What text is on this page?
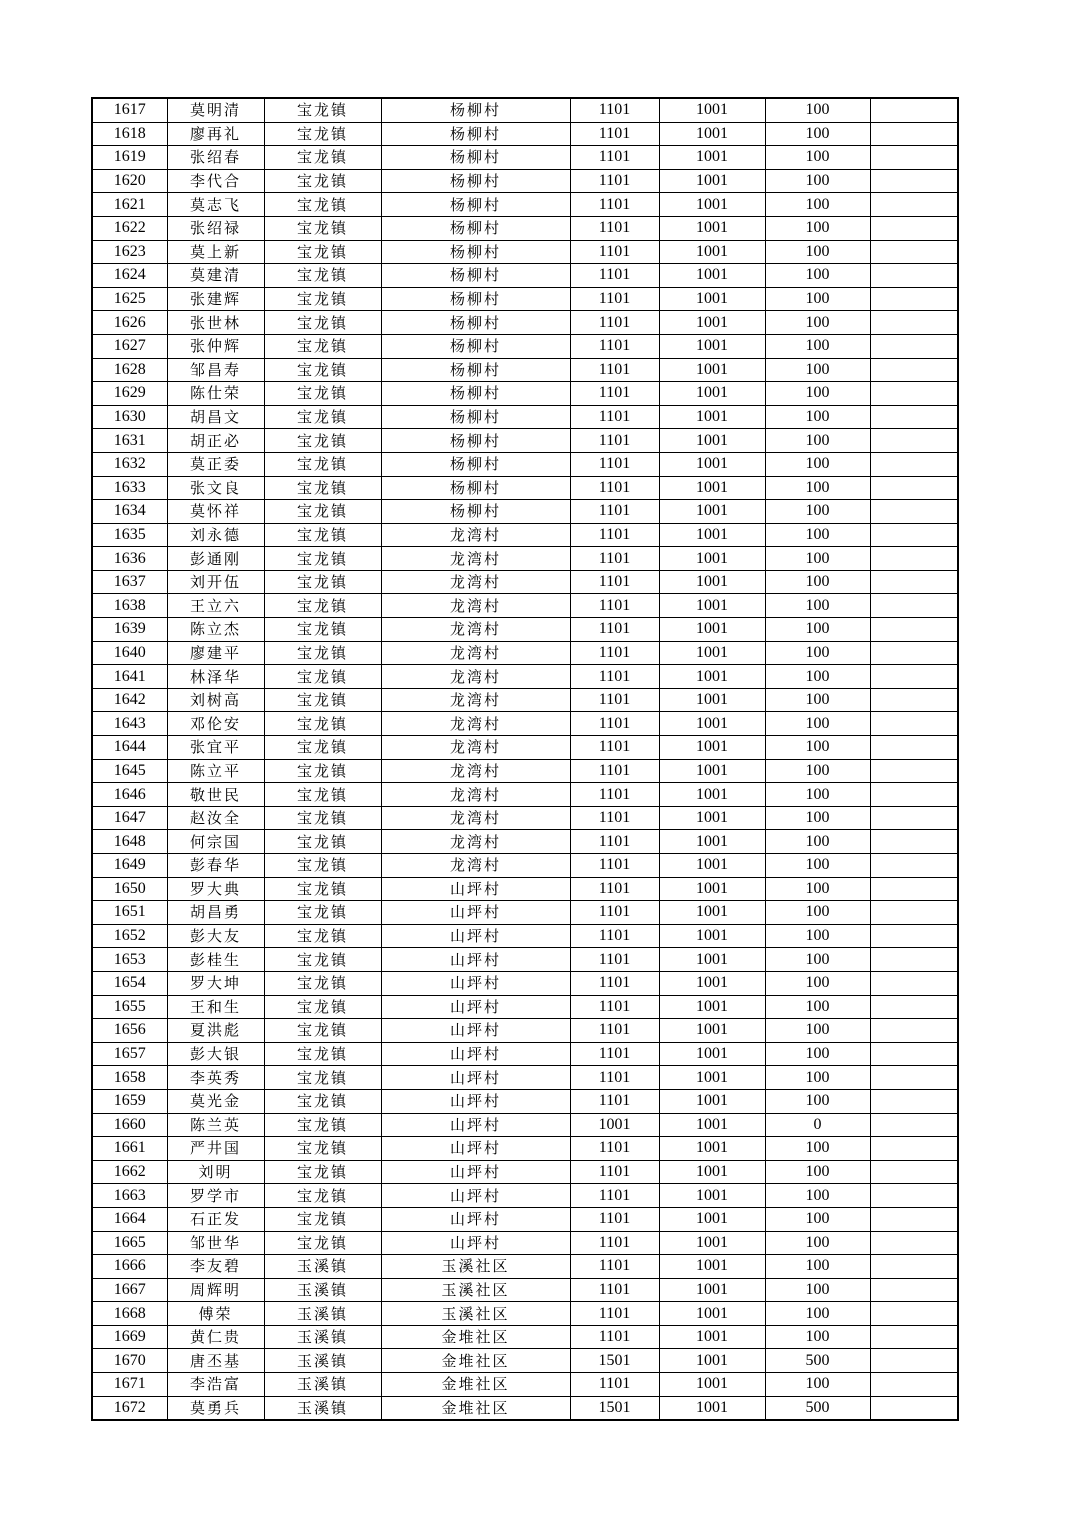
1617	莫明清	宝龙镇	杨柳村	1101	1001	100	
1618	廖再礼	宝龙镇	杨柳村	1101	1001	100	
1619	张绍春	宝龙镇	杨柳村	1101	1001	100	
1620	李代合	宝龙镇	杨柳村	1101	1001	100	
1621	莫志飞	宝龙镇	杨柳村	1101	1001	100	
1622	张绍禄	宝龙镇	杨柳村	1101	1001	100	
1623	莫上新	宝龙镇	杨柳村	1101	1001	100	
1624	莫建清	宝龙镇	杨柳村	1101	1001	100	
1625	张建辉	宝龙镇	杨柳村	1101	1001	100	
1626	张世林	宝龙镇	杨柳村	1101	1001	100	
1627	张仲辉	宝龙镇	杨柳村	1101	1001	100	
1628	邹昌寿	宝龙镇	杨柳村	1101	1001	100	
1629	陈仕荣	宝龙镇	杨柳村	1101	1001	100	
1630	胡昌文	宝龙镇	杨柳村	1101	1001	100	
1631	胡正必	宝龙镇	杨柳村	1101	1001	100	
1632	莫正委	宝龙镇	杨柳村	1101	1001	100	
1633	张文良	宝龙镇	杨柳村	1101	1001	100	
1634	莫怀祥	宝龙镇	杨柳村	1101	1001	100	
1635	刘永德	宝龙镇	龙湾村	1101	1001	100	
1636	彭通刚	宝龙镇	龙湾村	1101	1001	100	
1637	刘开伍	宝龙镇	龙湾村	1101	1001	100	
1638	王立六	宝龙镇	龙湾村	1101	1001	100	
1639	陈立杰	宝龙镇	龙湾村	1101	1001	100	
1640	廖建平	宝龙镇	龙湾村	1101	1001	100	
1641	林泽华	宝龙镇	龙湾村	1101	1001	100	
1642	刘树高	宝龙镇	龙湾村	1101	1001	100	
1643	邓伦安	宝龙镇	龙湾村	1101	1001	100	
1644	张宜平	宝龙镇	龙湾村	1101	1001	100	
1645	陈立平	宝龙镇	龙湾村	1101	1001	100	
1646	敬世民	宝龙镇	龙湾村	1101	1001	100	
1647	赵汝全	宝龙镇	龙湾村	1101	1001	100	
1648	何宗国	宝龙镇	龙湾村	1101	1001	100	
1649	彭春华	宝龙镇	龙湾村	1101	1001	100	
1650	罗大典	宝龙镇	山坪村	1101	1001	100	
1651	胡昌勇	宝龙镇	山坪村	1101	1001	100	
1652	彭大友	宝龙镇	山坪村	1101	1001	100	
1653	彭桂生	宝龙镇	山坪村	1101	1001	100	
1654	罗大坤	宝龙镇	山坪村	1101	1001	100	
1655	王和生	宝龙镇	山坪村	1101	1001	100	
1656	夏洪彪	宝龙镇	山坪村	1101	1001	100	
1657	彭大银	宝龙镇	山坪村	1101	1001	100	
1658	李英秀	宝龙镇	山坪村	1101	1001	100	
1659	莫光金	宝龙镇	山坪村	1101	1001	100	
1660	陈兰英	宝龙镇	山坪村	1001	1001	0	
1661	严井国	宝龙镇	山坪村	1101	1001	100	
1662	刘明	宝龙镇	山坪村	1101	1001	100	
1663	罗学市	宝龙镇	山坪村	1101	1001	100	
1664	石正发	宝龙镇	山坪村	1101	1001	100	
1665	邹世华	宝龙镇	山坪村	1101	1001	100	
1666	李友碧	玉溪镇	玉溪社区	1101	1001	100	
1667	周辉明	玉溪镇	玉溪社区	1101	1001	100	
1668	傅荣	玉溪镇	玉溪社区	1101	1001	100	
1669	黄仁贵	玉溪镇	金堆社区	1101	1001	100	
1670	唐丕基	玉溪镇	金堆社区	1501	1001	500	
1671	李浩富	玉溪镇	金堆社区	1101	1001	100	
1672	莫勇兵	玉溪镇	金堆社区	1501	1001	500	
